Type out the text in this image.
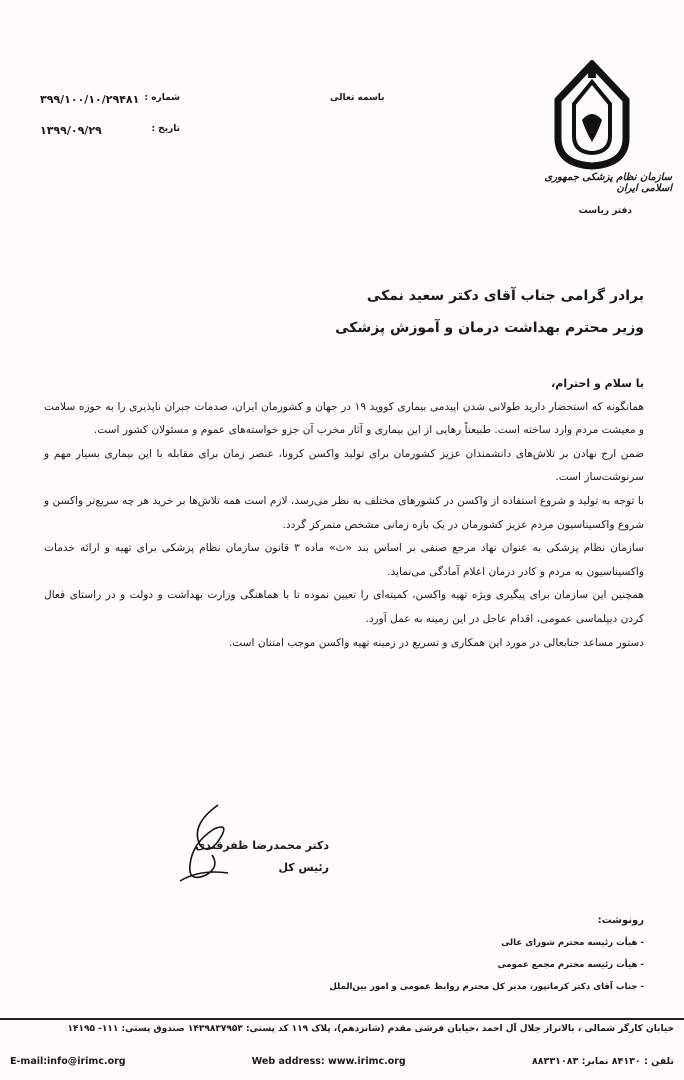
سازمان نظام پزشکی جمهوری اسلامی ایران
دفتر ریاست
باسمه تعالی
شماره :
۳۹۹/۱۰۰/۱۰/۲۹۴۸۱
تاریخ :
۱۳۹۹/۰۹/۲۹
برادر گرامی جناب آقای دکتر سعید نمکی
وزیر محترم بهداشت درمان و آموزش پزشکی

با سلام و احترام،

همانگونه که استحضار دارید طولانی شدن اپیدمی بیماری کووید ۱۹ در جهان و کشورمان ایران، صدمات جبران ناپذیری را به حوزه سلامت و معیشت مردم وارد ساخته است. طبیعتاً رهایی از این بیماری و آثار مخرب آن جزو خواسته‌های عموم و مسئولان کشور است.

ضمن ارج نهادن بر تلاش‌های دانشمندان عزیز کشورمان برای تولید واکسن کرونا، عنصر زمان برای مقابله با این بیماری بسیار مهم و سرنوشت‌ساز است.

با توجه به تولید و شروع استفاده از واکسن در کشورهای مختلف به نظر می‌رسد، لازم است همه تلاش‌ها بر خرید هر چه سریع‌تر واکسن و شروع واکسیناسیون مردم عزیز کشورمان در یک بازه زمانی مشخص متمرکز گردد.

سازمان نظام پزشکی به عنوان نهاد مرجع صنفی بر اساس بند «ث» ماده ۳ قانون سازمان نظام پزشکی برای تهیه و ارائه خدمات واکسیناسیون به مردم و کادر درمان اعلام آمادگی می‌نماید.

همچنین این سازمان برای پیگیری ویژه تهیه واکسن، کمیته‌ای را تعیین نموده تا با هماهنگی وزارت بهداشت و دولت و در راستای فعال کردن دیپلماسی عمومی، اقدام عاجل در این زمینه به عمل آورد.

دستور مساعد جنابعالی در مورد این همکاری و تسریع در زمینه تهیه واکسن موجب امتنان است.

دکتر محمدرضا ظفرقندی
رئیس کل
رونوشت:
- هیأت رئیسه محترم شورای عالی
- هیأت رئیسه محترم مجمع عمومی
- جناب آقای دکتر کرمانپور، مدیر کل محترم روابط عمومی و امور بین‌الملل
خیابان کارگر شمالی ، بالاتراز جلال آل احمد ،خیابان فرشی مقدم (شانزدهم)، پلاک ۱۱۹ کد پستی: ۱۴۳۹۸۳۷۹۵۳ صندوق پستی: ۱۱۱- ۱۴۱۹۵
E-mail:info@irimc.org	Web address: www.irimc.org	تلفن : ۸۴۱۳۰ نمابر: ۸۸۳۳۱۰۸۳
